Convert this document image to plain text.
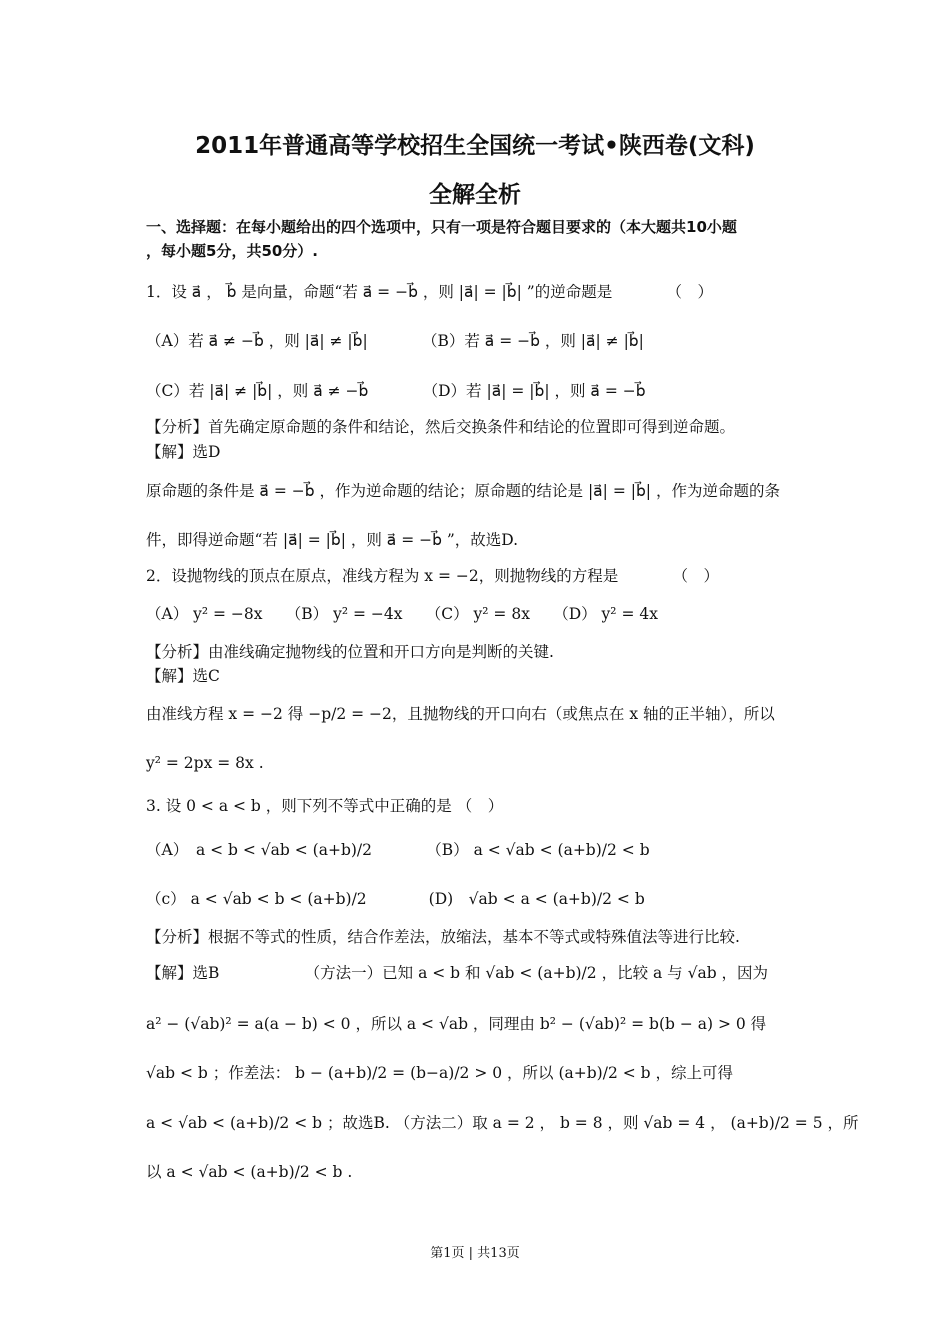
2011年普通高等学校招生全国统一考试•陕西卷(文科)
全解全析
一、选择题：在每小题给出的四个选项中，只有一项是符合题目要求的（本大题共10小题
，每小题5分，共50分）.
1．设 a⃗ ， b⃗ 是向量，命题“若 a⃗ = −b⃗ ，则 |a⃗| = |b⃗| ”的逆命题是　　　　（　）
（A）若 a⃗ ≠ −b⃗ ，则 |a⃗| ≠ |b⃗|　　　　（B）若 a⃗ = −b⃗ ，则 |a⃗| ≠ |b⃗|
（C）若 |a⃗| ≠ |b⃗| ，则 a⃗ ≠ −b⃗　　　　（D）若 |a⃗| = |b⃗| ，则 a⃗ = −b⃗
【分析】首先确定原命题的条件和结论，然后交换条件和结论的位置即可得到逆命题。
【解】选D
原命题的条件是 a⃗ = −b⃗ ，作为逆命题的结论；原命题的结论是 |a⃗| = |b⃗| ，作为逆命题的条
件，即得逆命题“若 |a⃗| = |b⃗| ，则 a⃗ = −b⃗ ”，故选D.
2．设抛物线的顶点在原点，准线方程为 x = −2，则抛物线的方程是　　　　（　）
（A） y² = −8x　　（B） y² = −4x　　（C） y² = 8x　　（D） y² = 4x
【分析】由准线确定抛物线的位置和开口方向是判断的关键.
【解】选C
由准线方程 x = −2 得 −p/2 = −2，且抛物线的开口向右（或焦点在 x 轴的正半轴），所以
y² = 2px = 8x .
3. 设 0 < a < b ，则下列不等式中正确的是 （　）
（A）　a < b < √ab < (a+b)/2　　　　（B） a < √ab < (a+b)/2 < b
（c） a < √ab < b < (a+b)/2　　　　(D)　√ab < a < (a+b)/2 < b
【分析】根据不等式的性质，结合作差法，放缩法，基本不等式或特殊值法等进行比较.
【解】选B　　　　　　（方法一）已知 a < b 和 √ab < (a+b)/2 ，比较 a 与 √ab ，因为
a² − (√ab)² = a(a − b) < 0 ，所以 a < √ab ，同理由 b² − (√ab)² = b(b − a) > 0 得
√ab < b ；作差法： b − (a+b)/2 = (b−a)/2 > 0 ，所以 (a+b)/2 < b ，综上可得
a < √ab < (a+b)/2 < b ；故选B. （方法二）取 a = 2 ， b = 8 ，则 √ab = 4 ， (a+b)/2 = 5 ，所
以 a < √ab < (a+b)/2 < b .
第1页 | 共13页
